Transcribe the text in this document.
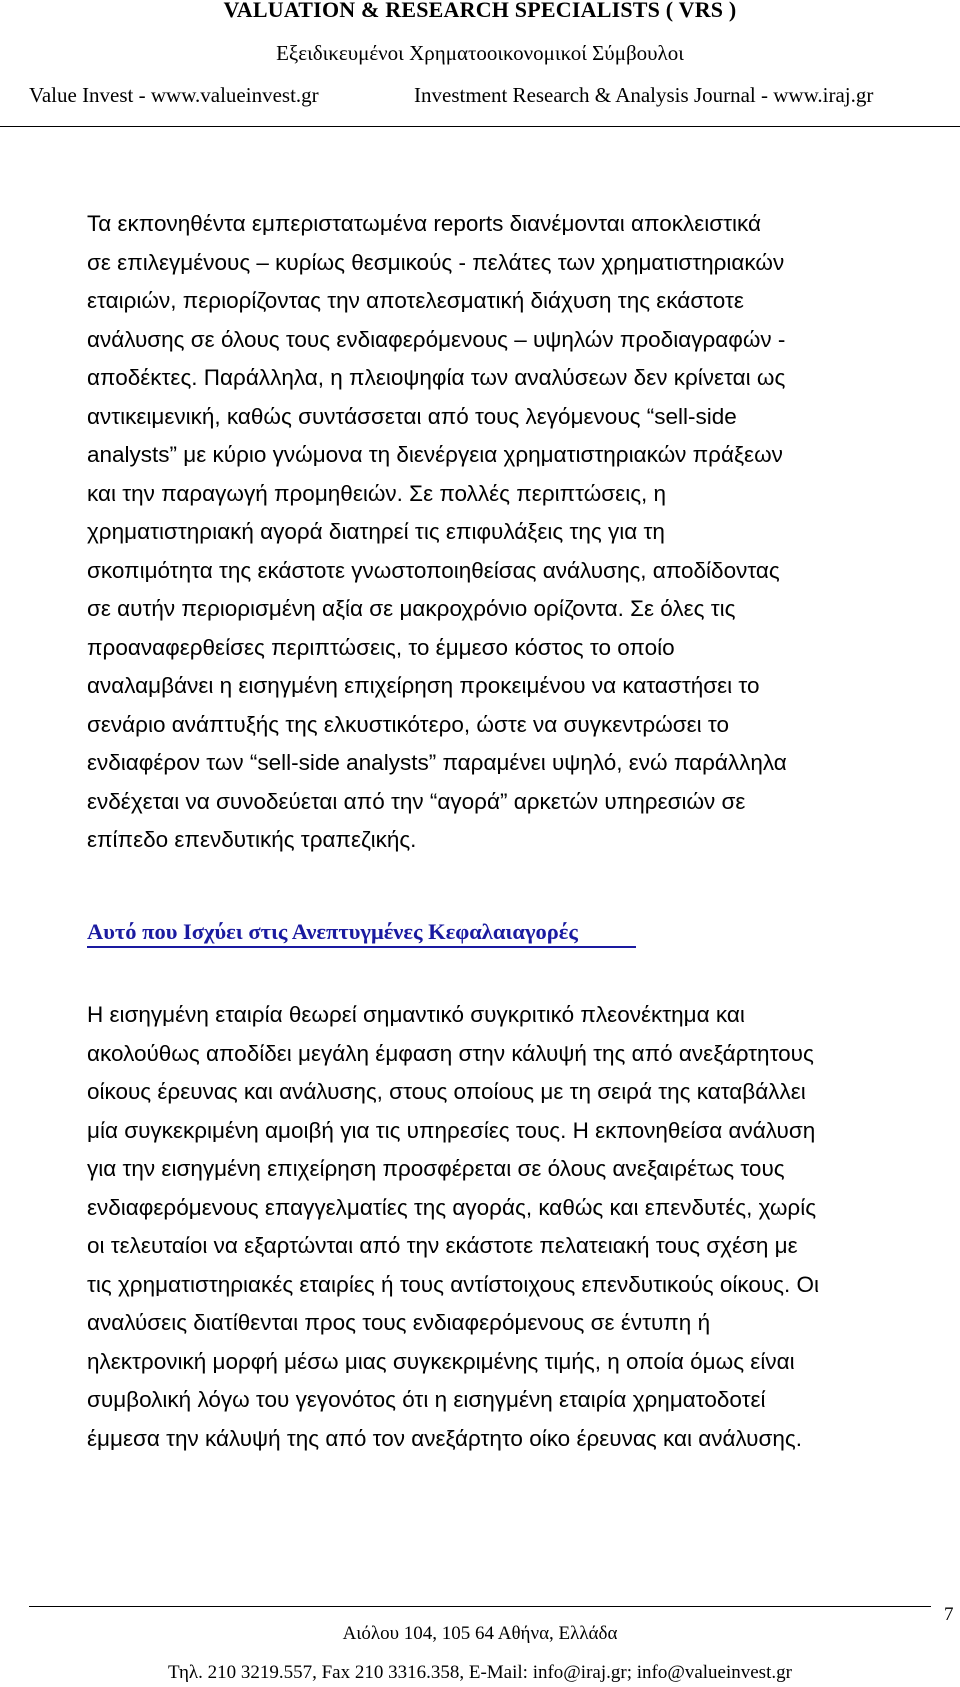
VALUATION & RESEARCH SPECIALISTS ( VRS )
Εξειδικευμένοι Χρηματοοικονομικοί Σύμβουλοι
Value Invest - www.valueinvest.gr	Investment Research & Analysis Journal - www.iraj.gr
Τα εκπονηθέντα εμπεριστατωμένα reports διανέμονται αποκλειστικά
σε επιλεγμένους – κυρίως θεσμικούς - πελάτες των χρηματιστηριακών
εταιριών, περιορίζοντας την αποτελεσματική διάχυση της εκάστοτε
ανάλυσης σε όλους τους ενδιαφερόμενους – υψηλών προδιαγραφών -
αποδέκτες. Παράλληλα, η πλειοψηφία των αναλύσεων δεν κρίνεται ως
αντικειμενική, καθώς συντάσσεται από τους λεγόμενους “sell-side
analysts” με κύριο γνώμονα τη διενέργεια χρηματιστηριακών πράξεων
και την παραγωγή προμηθειών. Σε πολλές περιπτώσεις, η
χρηματιστηριακή αγορά διατηρεί τις επιφυλάξεις της για τη
σκοπιμότητα της εκάστοτε γνωστοποιηθείσας ανάλυσης, αποδίδοντας
σε αυτήν περιορισμένη αξία σε μακροχρόνιο ορίζοντα. Σε όλες τις
προαναφερθείσες περιπτώσεις, το έμμεσο κόστος το οποίο
αναλαμβάνει η εισηγμένη επιχείρηση προκειμένου να καταστήσει το
σενάριο ανάπτυξής της ελκυστικότερο, ώστε να συγκεντρώσει το
ενδιαφέρον των “sell-side analysts” παραμένει υψηλό, ενώ παράλληλα
ενδέχεται να συνοδεύεται από την “αγορά” αρκετών υπηρεσιών σε
επίπεδο επενδυτικής τραπεζικής.
Αυτό που Ισχύει στις Ανεπτυγμένες Κεφαλαιαγορές
Η εισηγμένη εταιρία θεωρεί σημαντικό συγκριτικό πλεονέκτημα και
ακολούθως αποδίδει μεγάλη έμφαση στην κάλυψή της από ανεξάρτητους
οίκους έρευνας και ανάλυσης, στους οποίους με τη σειρά της καταβάλλει
μία συγκεκριμένη αμοιβή για τις υπηρεσίες τους. Η εκπονηθείσα ανάλυση
για την εισηγμένη επιχείρηση προσφέρεται σε όλους ανεξαιρέτως τους
ενδιαφερόμενους επαγγελματίες της αγοράς, καθώς και επενδυτές, χωρίς
οι τελευταίοι να εξαρτώνται από την εκάστοτε πελατειακή τους σχέση με
τις χρηματιστηριακές εταιρίες ή τους αντίστοιχους επενδυτικούς οίκους. Οι
αναλύσεις διατίθενται προς τους ενδιαφερόμενους σε έντυπη ή
ηλεκτρονική μορφή μέσω μιας συγκεκριμένης τιμής, η οποία όμως είναι
συμβολική λόγω του γεγονότος ότι η εισηγμένη εταιρία χρηματοδοτεί
έμμεσα την κάλυψή της από τον ανεξάρτητο οίκο έρευνας και ανάλυσης.
7
Αιόλου 104, 105 64 Αθήνα, Ελλάδα
Τηλ. 210 3219.557, Fax 210 3316.358, E-Mail: info@iraj.gr; info@valueinvest.gr
